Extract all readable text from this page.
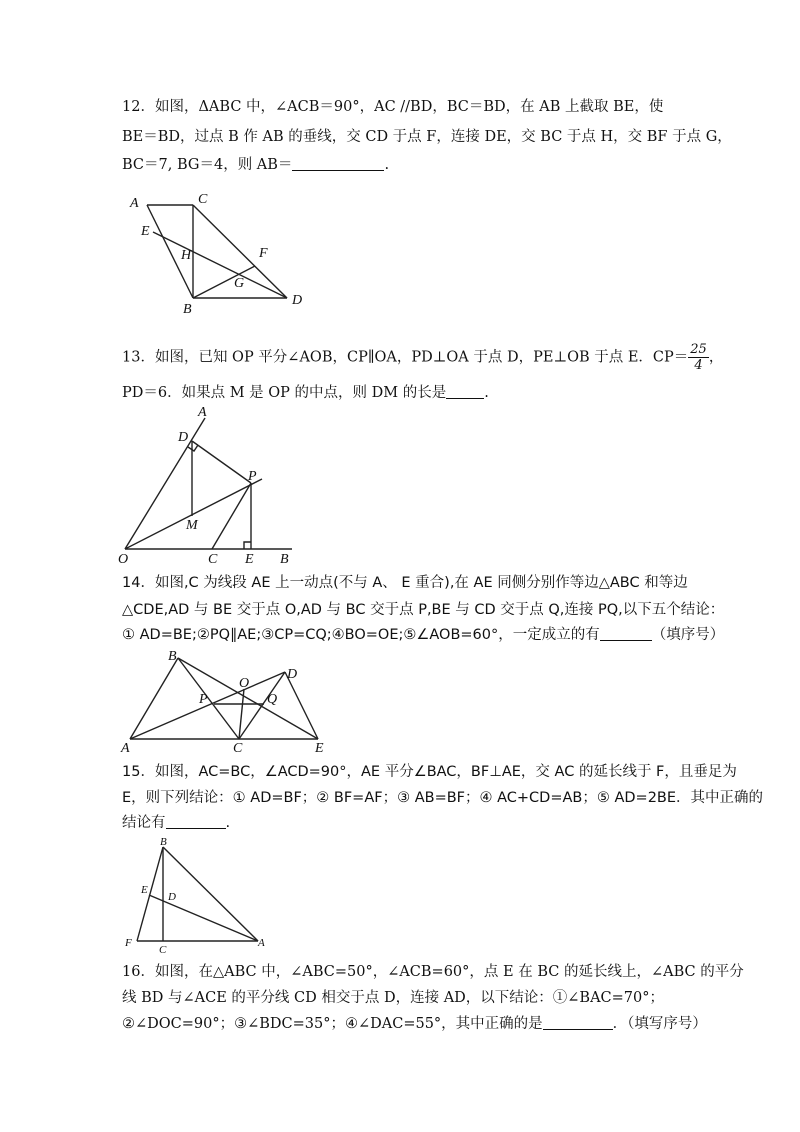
12．如图，ΔABC 中，∠ACB＝90°，AC //BD，BC＝BD，在 AB 上截取 BE，使
BE＝BD，过点 B 作 AB 的垂线，交 CD 于点 F，连接 DE，交 BC 于点 H，交 BF 于点 G，
BC＝7, BG＝4，则 AB＝	.
A	C
E
H	F
G
B
D
13．如图，已知 OP 平分∠AOB，CP∥OA，PD⊥OA 于点 D，PE⊥OB 于点 E．$CP= \frac{25}{4}$ ，
PD＝6．如果点 M 是 OP 的中点，则 DM 的长是	.
A
D
P
M
O	C E B
14．如图,C 为线段 AE 上一动点(不与 A、 E 重合),在 AE 同侧分别作等边△ABC 和等边
△CDE,AD 与 BE 交于点 O,AD 与 BC 交于点 P,BE 与 CD 交于点 Q,连接 PQ,以下五个结论：
① AD=BE;②PQ∥AE;③CP=CQ;④BO=OE;⑤∠AOB=60°，一定成立的有	（填序号）
B
D
O
P	Q
A	C	E
15．如图，AC=BC，∠ACD=90°，AE 平分∠BAC，BF⊥AE，交 AC 的延长线于 F，且垂足为
E，则下列结论：① AD=BF；② BF=AF；③ AB=BF；④ AC+CD=AB；⑤ AD=2BE．其中正确的
结论有	.
B
E
D
F
C
A
16．如图，在△ABC 中，∠ABC=50°，∠ACB=60°，点 E 在 BC 的延长线上，∠ABC 的平分
线 BD 与∠ACE 的平分线 CD 相交于点 D，连接 AD，以下结论：①∠BAC=70°；
②∠DOC=90°；③∠BDC=35°；④∠DAC=55°，其中正确的是	．（填写序号）
